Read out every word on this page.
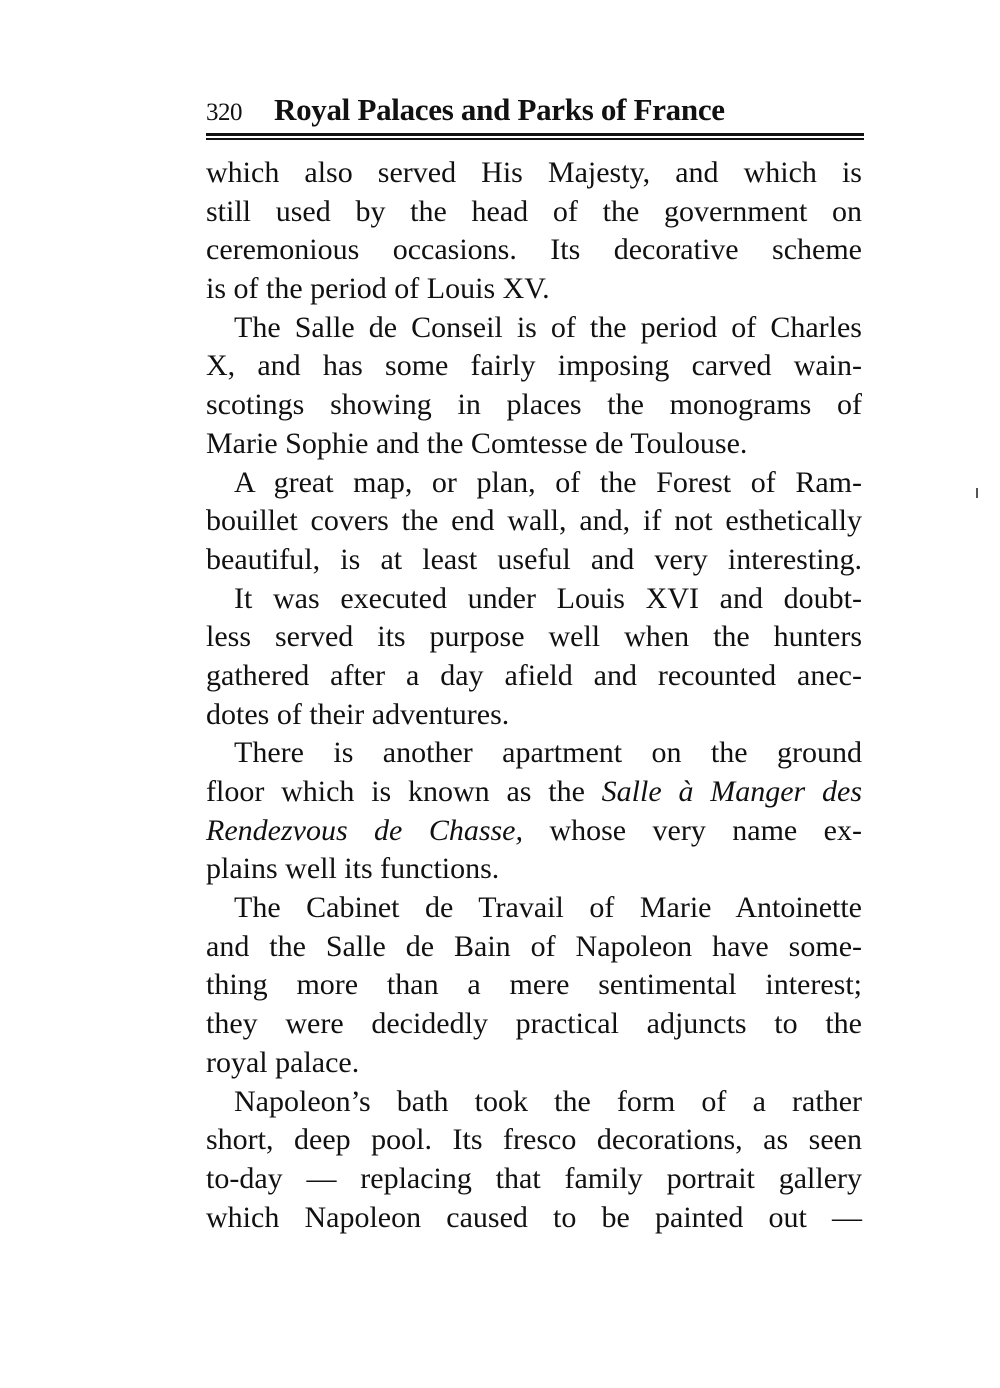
320 Royal Palaces and Parks of France

which also served His Majesty, and which is
still used by the head of the government on
ceremonious occasions. Its decorative scheme
is of the period of Louis XV.

The Salle de Conseil is of the period of Charles
X, and has some fairly imposing carved wain-
scotings showing in places the monograms of
Marie Sophie and the Comtesse de Toulouse.

A great map, or plan, of the Forest of Ram-
bouillet covers the end wall, and, if not esthetically
beautiful, is at least useful and very interesting.

It was executed under Louis XVI and doubt-
less served its purpose well when the hunters
gathered after a day afield and recounted anec-
dotes of their adventures.

There is another apartment on the ground
floor which is known as the Salle à Manger des
Rendezvous de Chasse, whose very name ex-
plains well its functions.

The Cabinet de Travail of Marie Antoinette
and the Salle de Bain of Napoleon have some-
thing more than a mere sentimental interest;
they were decidedly practical adjuncts to the
royal palace.

Napoleon’s bath took the form of a rather
short, deep pool. Its fresco decorations, as seen
to-day — replacing that family portrait gallery
which Napoleon caused to be painted out —
